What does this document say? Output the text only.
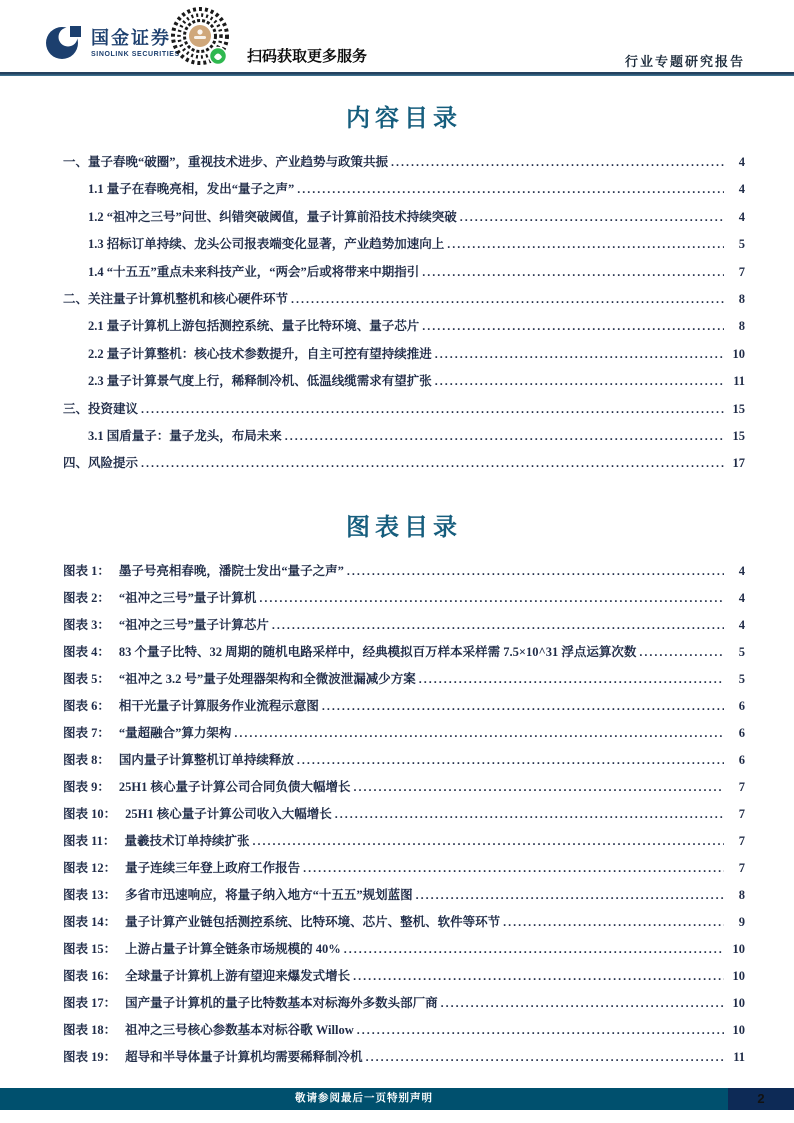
国金证券
SINOLINK SECURITIES	扫码获取更多服务	行业专题研究报告
内容目录
一、量子春晚“破圈”，重视技术进步、产业趋势与政策共振 .....	4
1.1 量子在春晚亮相，发出“量子之声” .....	4
1.2 “祖冲之三号”问世、纠错突破阈值，量子计算前沿技术持续突破 .....	4
1.3 招标订单持续、龙头公司报表端变化显著，产业趋势加速向上 .....	5
1.4 “十五五”重点未来科技产业，“两会”后或将带来中期指引 .....	7
二、关注量子计算机整机和核心硬件环节 .....	8
2.1 量子计算机上游包括测控系统、量子比特环境、量子芯片 .....	8
2.2 量子计算整机：核心技术参数提升，自主可控有望持续推进 .....	10
2.3 量子计算景气度上行，稀释制冷机、低温线缆需求有望扩张 .....	11
三、投资建议 .....	15
3.1 国盾量子：量子龙头，布局未来 .....	15
四、风险提示 .....	17
图表目录
图表 1： 墨子号亮相春晚，潘院士发出“量子之声” .....	4
图表 2： “祖冲之三号”量子计算机 .....	4
图表 3： “祖冲之三号”量子计算芯片 .....	4
图表 4： 83 个量子比特、32 周期的随机电路采样中，经典模拟百万样本采样需 7.5×10^31 浮点运算次数 .....	5
图表 5： “祖冲之 3.2 号”量子处理器架构和全微波泄漏减少方案 .....	5
图表 6： 相干光量子计算服务作业流程示意图 .....	6
图表 7： “量超融合”算力架构 .....	6
图表 8： 国内量子计算整机订单持续释放 .....	6
图表 9： 25H1 核心量子计算公司合同负债大幅增长 .....	7
图表 10： 25H1 核心量子计算公司收入大幅增长 .....	7
图表 11： 量羲技术订单持续扩张 .....	7
图表 12： 量子连续三年登上政府工作报告 .....	7
图表 13： 多省市迅速响应，将量子纳入地方“十五五”规划蓝图 .....	8
图表 14： 量子计算产业链包括测控系统、比特环境、芯片、整机、软件等环节 .....	9
图表 15： 上游占量子计算全链条市场规模的 40% .....	10
图表 16： 全球量子计算机上游有望迎来爆发式增长 .....	10
图表 17： 国产量子计算机的量子比特数基本对标海外多数头部厂商 .....	10
图表 18： 祖冲之三号核心参数基本对标谷歌 Willow .....	10
图表 19： 超导和半导体量子计算机均需要稀释制冷机 .....	11
敬请参阅最后一页特别声明	2
